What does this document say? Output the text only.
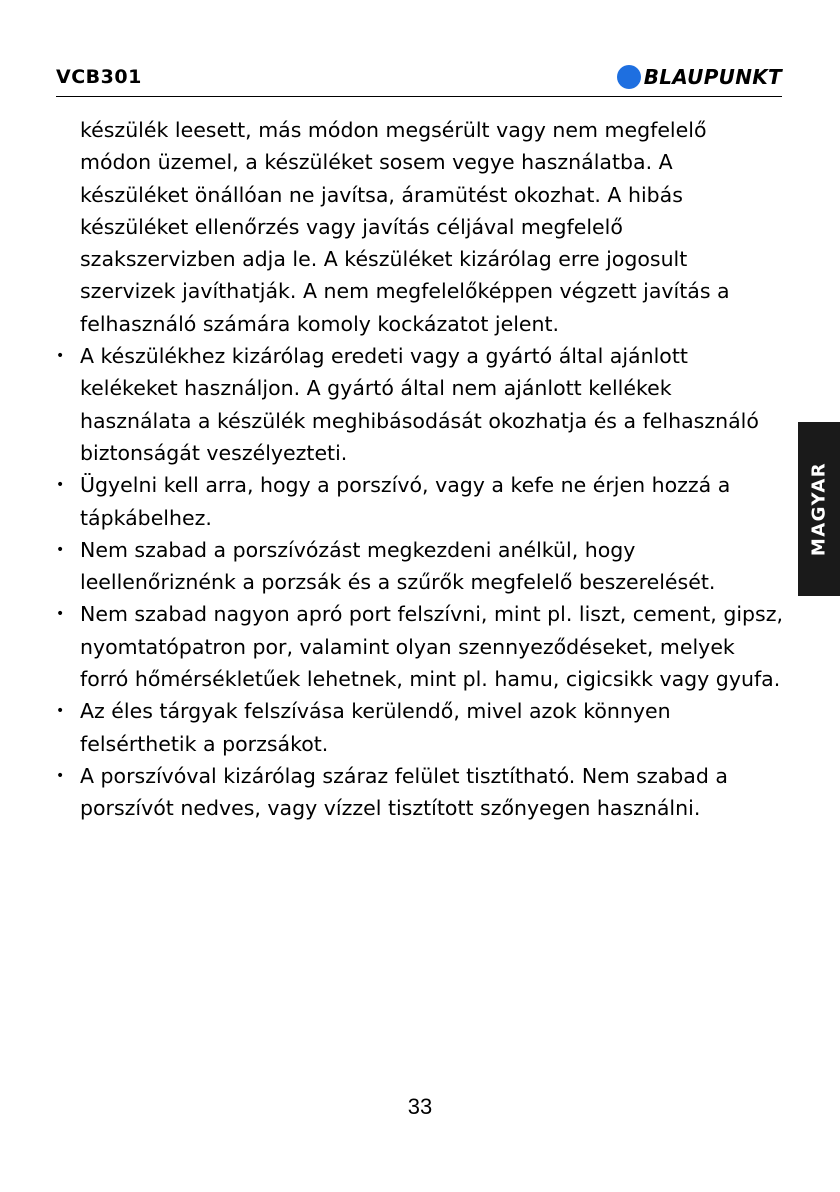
VCB301	BLAUPUNKT

készülék leesett, más módon megsérült vagy nem megfelelő módon üzemel, a készüléket sosem vegye használatba. A készüléket önállóan ne javítsa, áramütést okozhat. A hibás készüléket ellenőrzés vagy javítás céljával megfelelő szakszervizben adja le. A készüléket kizárólag erre jogosult szervizek javíthatják. A nem megfelelőképpen végzett javítás a felhasználó számára komoly kockázatot jelent.

• A készülékhez kizárólag eredeti vagy a gyártó által ajánlott kelékeket használjon. A gyártó által nem ajánlott kellékek használata a készülék meghibásodását okozhatja és a felhasználó biztonságát veszélyezteti.
• Ügyelni kell arra, hogy a porszívó, vagy a kefe ne érjen hozzá a tápkábelhez.
• Nem szabad a porszívózást megkezdeni anélkül, hogy leellenőriznénk a porzsák és a szűrők megfelelő beszerelését.
• Nem szabad nagyon apró port felszívni, mint pl. liszt, cement, gipsz, nyomtatópatron por, valamint olyan szennyeződéseket, melyek forró hőmérsékletűek lehetnek, mint pl. hamu, cigicsikk vagy gyufa.
• Az éles tárgyak felszívása kerülendő, mivel azok könnyen felsérthetik a porzsákot.
• A porszívóval kizárólag száraz felület tisztítható. Nem szabad a porszívót nedves, vagy vízzel tisztított szőnyegen használni.
MAGYAR
33
